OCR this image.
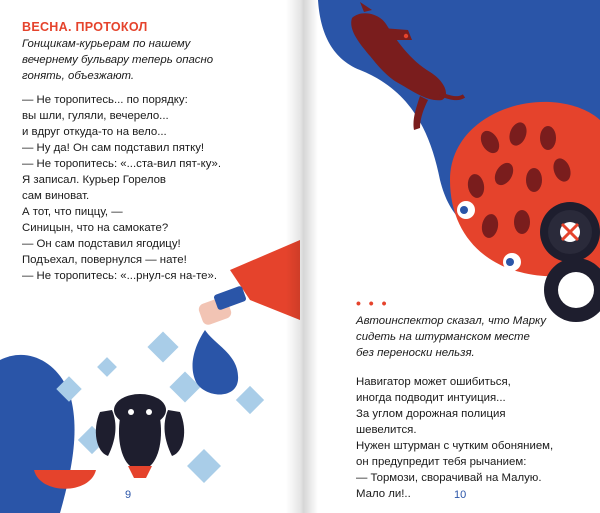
ВЕСНА. ПРОТОКОЛ
Гонщикам-курьерам по нашему
вечернему бульвару теперь опасно
гонять, объезжают.
— Не торопитесь... по порядку:
вы шли, гуляли, вечерело...
и вдруг откуда-то на вело...
— Ну да! Он сам подставил пятку!
— Не торопитесь: «...ста-вил пят-ку».
Я записал. Курьер Горелов
сам виноват.
А тот, что пиццу, —
Синицын, что на самокате?
— Он сам подставил ягодицу!
Подъехал, повернулся — нате!
— Не торопитесь: «...рнул-ся на-те».
9
• • •
Автоинспектор сказал, что Марку
сидеть на штурманском месте
без переноски нельзя.
Навигатор может ошибиться,
иногда подводит интуиция...
За углом дорожная полиция
шевелится.
Нужен штурман с чутким обонянием,
он предупредит тебя рычанием:
— Тормози, сворачивай на Малую.
Мало ли!..	10
